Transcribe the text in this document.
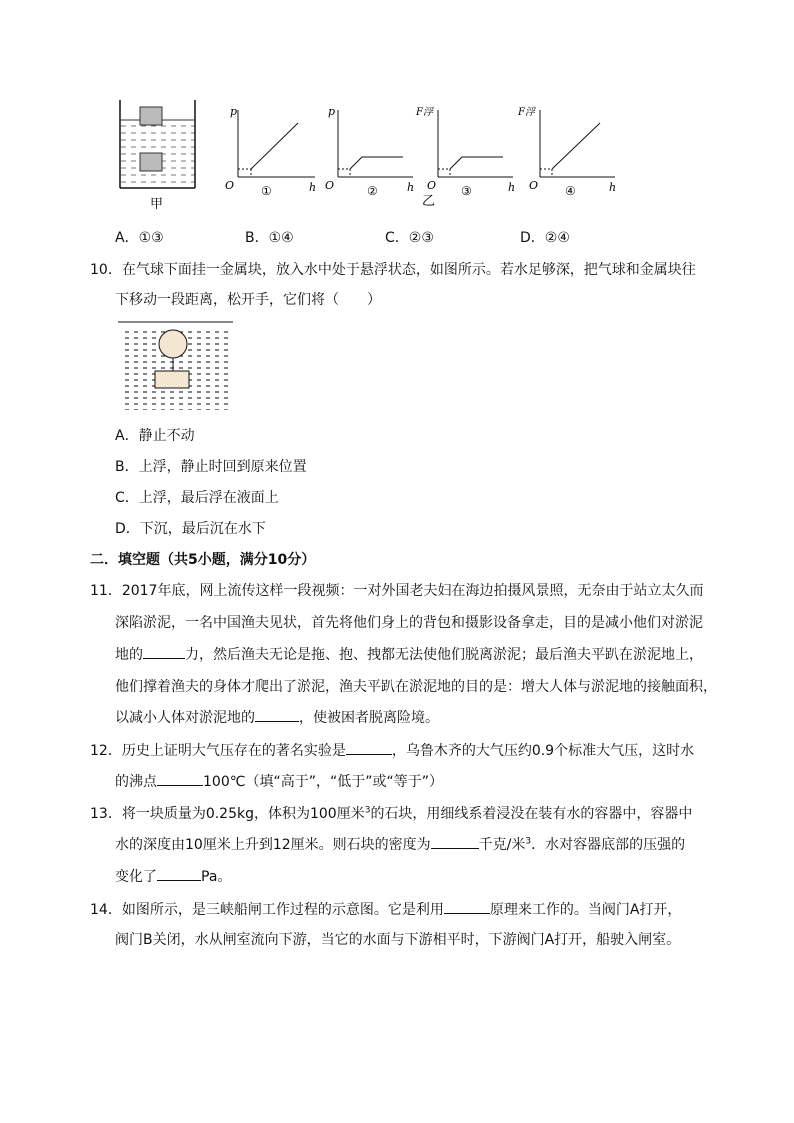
甲
p
O	h
①
p
O	h
②
F浮
O	h
③
乙
F浮
O	h
④
A．①③	B．①④	C．②③	D．②④
10．在气球下面挂一金属块，放入水中处于悬浮状态，如图所示。若水足够深，把气球和金属块往
下移动一段距离，松开手，它们将（　　）
A．静止不动
B．上浮，静止时回到原来位置
C．上浮，最后浮在液面上
D．下沉，最后沉在水下
二．填空题（共5小题，满分10分）
11．2017年底，网上流传这样一段视频：一对外国老夫妇在海边拍摄风景照，无奈由于站立太久而
深陷淤泥，一名中国渔夫见状，首先将他们身上的背包和摄影设备拿走，目的是减小他们对淤泥
地的	力，然后渔夫无论是拖、抱、拽都无法使他们脱离淤泥；最后渔夫平趴在淤泥地上，
他们撑着渔夫的身体才爬出了淤泥，渔夫平趴在淤泥地的目的是：增大人体与淤泥地的接触面积，
以减小人体对淤泥地的	，使被困者脱离险境。
12．历史上证明大气压存在的著名实验是	，乌鲁木齐的大气压约0.9个标准大气压，这时水
的沸点	100℃（填“高于”，“低于”或“等于”）
13．将一块质量为0.25kg，体积为100厘米$^3$的石块，用细线系着浸没在装有水的容器中，容器中
水的深度由10厘米上升到12厘米。则石块的密度为	千克/米$^3$．水对容器底部的压强的
变化了	Pa。
14．如图所示，是三峡船闸工作过程的示意图。它是利用	原理来工作的。当阀门A打开，
阀门B关闭，水从闸室流向下游，当它的水面与下游相平时，下游阀门A打开，船驶入闸室。
